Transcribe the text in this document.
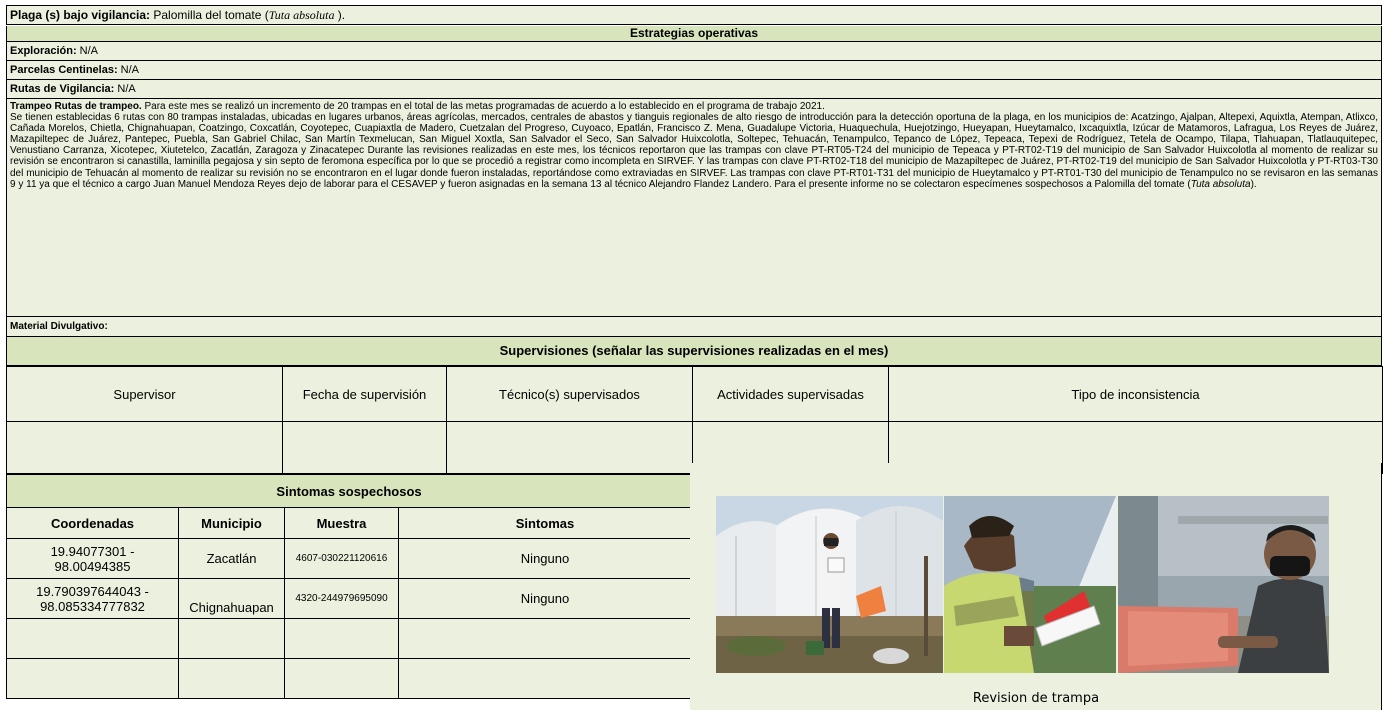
Plaga (s) bajo vigilancia: Palomilla del tomate (Tuta absoluta ).
Estrategias operativas
Exploración: N/A
Parcelas Centinelas: N/A
Rutas de Vigilancia: N/A

Trampeo Rutas de trampeo. Para este mes se realizó un incremento de 20 trampas en el total de las metas programadas de acuerdo a lo establecido en el programa de trabajo 2021.

Se tienen establecidas 6 rutas con 80 trampas instaladas, ubicadas en lugares urbanos, áreas agrícolas, mercados, centrales de abastos y tianguis regionales de alto riesgo de introducción para la detección oportuna de la plaga, en los municipios de: Acatzingo, Ajalpan, Altepexi, Aquixtla, Atempan, Atlixco, Cañada Morelos, Chietla, Chignahuapan, Coatzingo, Coxcatlán, Coyotepec, Cuapiaxtla de Madero, Cuetzalan del Progreso, Cuyoaco, Epatlán, Francisco Z. Mena, Guadalupe Victoria, Huaquechula, Huejotzingo, Hueyapan, Hueytamalco, Ixcaquixtla, Izúcar de Matamoros, Lafragua, Los Reyes de Juárez, Mazapiltepec de Juárez, Pantepec, Puebla, San Gabriel Chilac, San Martín Texmelucan, San Miguel Xoxtla, San Salvador el Seco, San Salvador Huixcolotla, Soltepec, Tehuacán, Tenampulco, Tepanco de López, Tepeaca, Tepexi de Rodríguez, Tetela de Ocampo, Tilapa, Tlahuapan, Tlatlauquitepec, Venustiano Carranza, Xicotepec, Xiutetelco, Zacatlán, Zaragoza y Zinacatepec Durante las revisiones realizadas en este mes, los técnicos reportaron que las trampas con clave PT-RT05-T24 del municipio de Tepeaca y PT-RT02-T19 del municipio de San Salvador Huixcolotla al momento de realizar su revisión se encontraron si canastilla, laminilla pegajosa y sin septo de feromona específica por lo que se procedió a registrar como incompleta en SIRVEF. Y las trampas con clave PT-RT02-T18 del municipio de Mazapiltepec de Juárez, PT-RT02-T19 del municipio de San Salvador Huixcolotla y PT-RT03-T30 del municipio de Tehuacán al momento de realizar su revisión no se encontraron en el lugar donde fueron instaladas, reportándose como extraviadas en SIRVEF. Las trampas con clave PT-RT01-T31 del municipio de Hueytamalco y PT-RT01-T30 del municipio de Tenampulco no se revisaron en las semanas 9 y 11 ya que el técnico a cargo Juan Manuel Mendoza Reyes dejo de laborar para el CESAVEP y fueron asignadas en la semana 13 al técnico Alejandro Flandez Landero. Para el presente informe no se colectaron especímenes sospechosos a Palomilla del tomate (Tuta absoluta).

Material Divulgativo:
Supervisiones (señalar las supervisiones realizadas en el mes)
Supervisor	Fecha de supervisión	Técnico(s) supervisados	Actividades supervisadas	Tipo de inconsistencia

Sintomas sospechosos			
Coordenadas	Municipio	Muestra	Sintomas
19.94077301 - 98.00494385	Zacatlán	4607-030221120616	Ninguno
19.790397644043 - 98.085334777832	Chignahuapan	4320-244979695090	Ninguno

Revision de trampa
